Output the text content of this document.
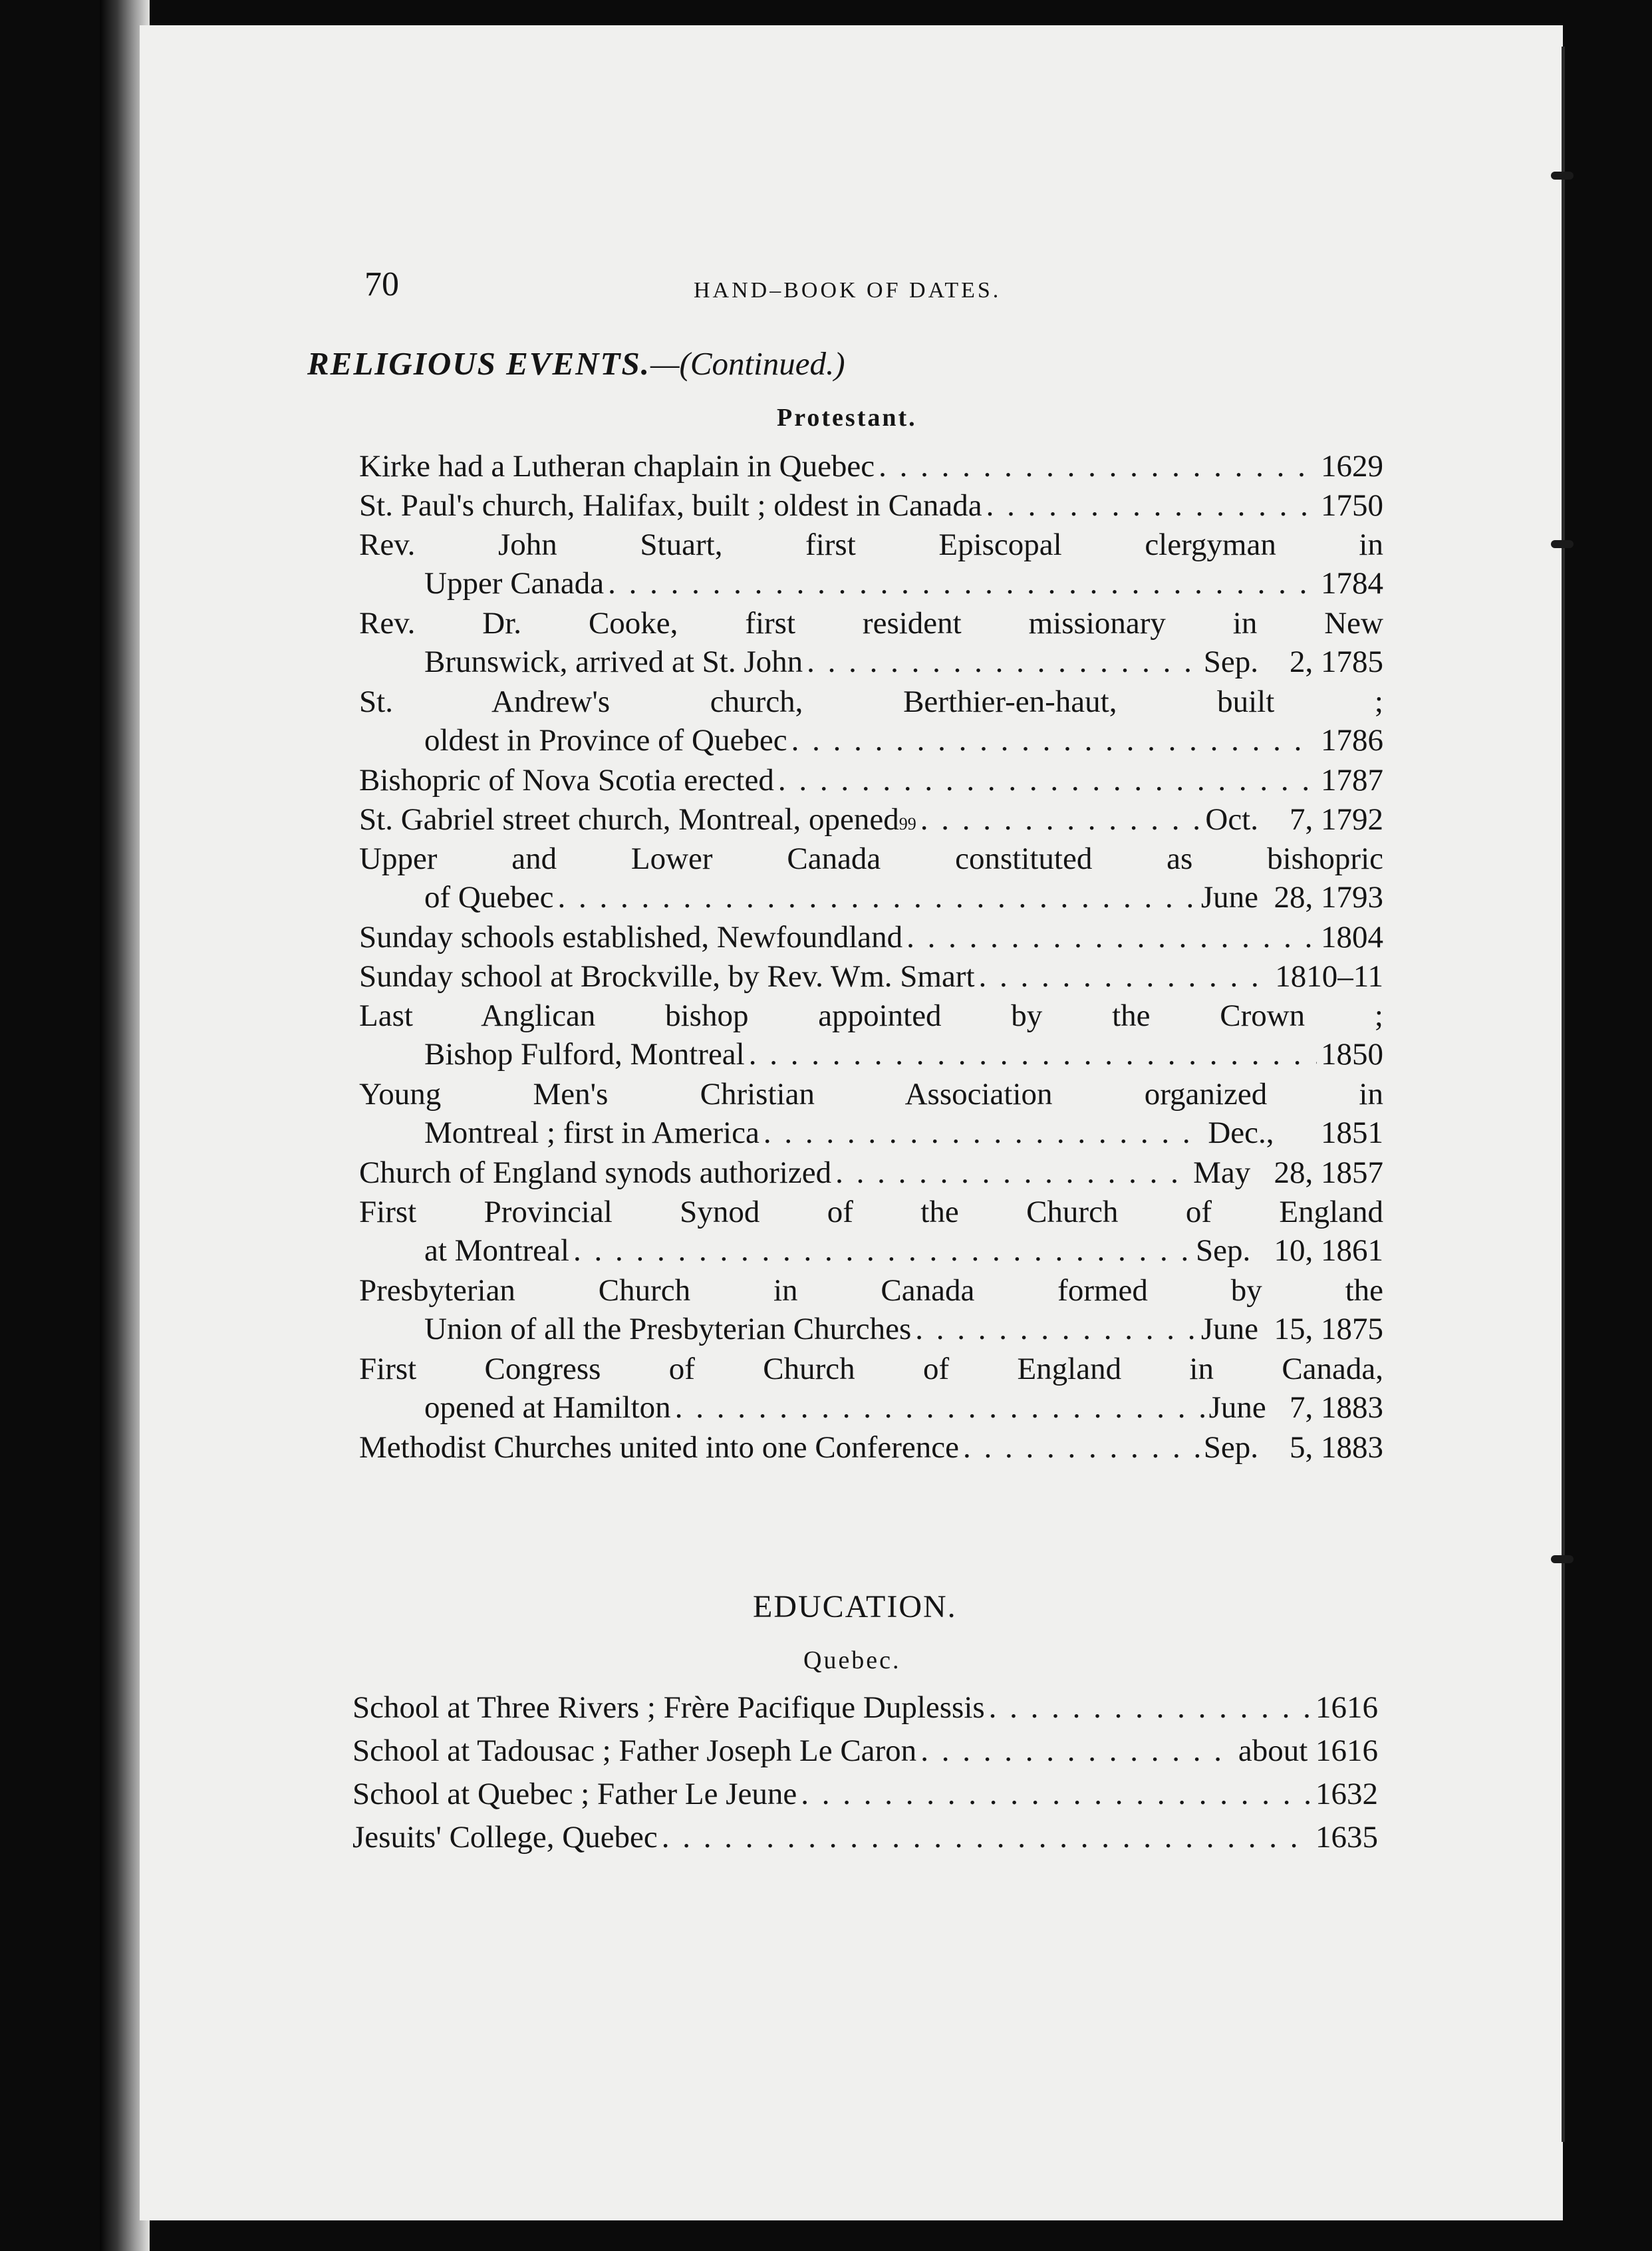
70	HAND–BOOK OF DATES.
RELIGIOUS EVENTS.—(Continued.)
Protestant.
Kirke had a Lutheran chaplain in Quebec . . .	1629
St. Paul's church, Halifax, built ; oldest in Canada . . .	1750
Rev. John Stuart, first Episcopal clergyman in
Upper Canada . . .	1784
Rev. Dr. Cooke, first resident missionary in New
Brunswick, arrived at St. John . . .	Sep.    2, 1785
St. Andrew's church, Berthier-en-haut, built ;
oldest in Province of Quebec . . .	1786
Bishopric of Nova Scotia erected . . .	1787
St. Gabriel street church, Montreal, opened 99 . . .	Oct.    7, 1792
Upper and Lower Canada constituted as bishopric
of Quebec . . .	June  28, 1793
Sunday schools established, Newfoundland . . .	1804
Sunday school at Brockville, by Rev. Wm. Smart . . .	1810–11
Last Anglican bishop appointed by the Crown ;
Bishop Fulford, Montreal . . .	1850
Young Men's Christian Association organized in
Montreal ; first in America . . .	Dec.,      1851
Church of England synods authorized . . .	May   28, 1857
First Provincial Synod of the Church of England
at Montreal . . .	Sep.   10, 1861
Presbyterian Church in Canada formed by the
Union of all the Presbyterian Churches . . .	June  15, 1875
First Congress of Church of England in Canada,
opened at Hamilton . . .	June   7, 1883
Methodist Churches united into one Conference . . .	Sep.    5, 1883
EDUCATION.
Quebec.
School at Three Rivers ; Frère Pacifique Duplessis . . .	1616
School at Tadousac ; Father Joseph Le Caron . . .	about 1616
School at Quebec ; Father Le Jeune . . .	1632
Jesuits' College, Quebec . . .	1635
